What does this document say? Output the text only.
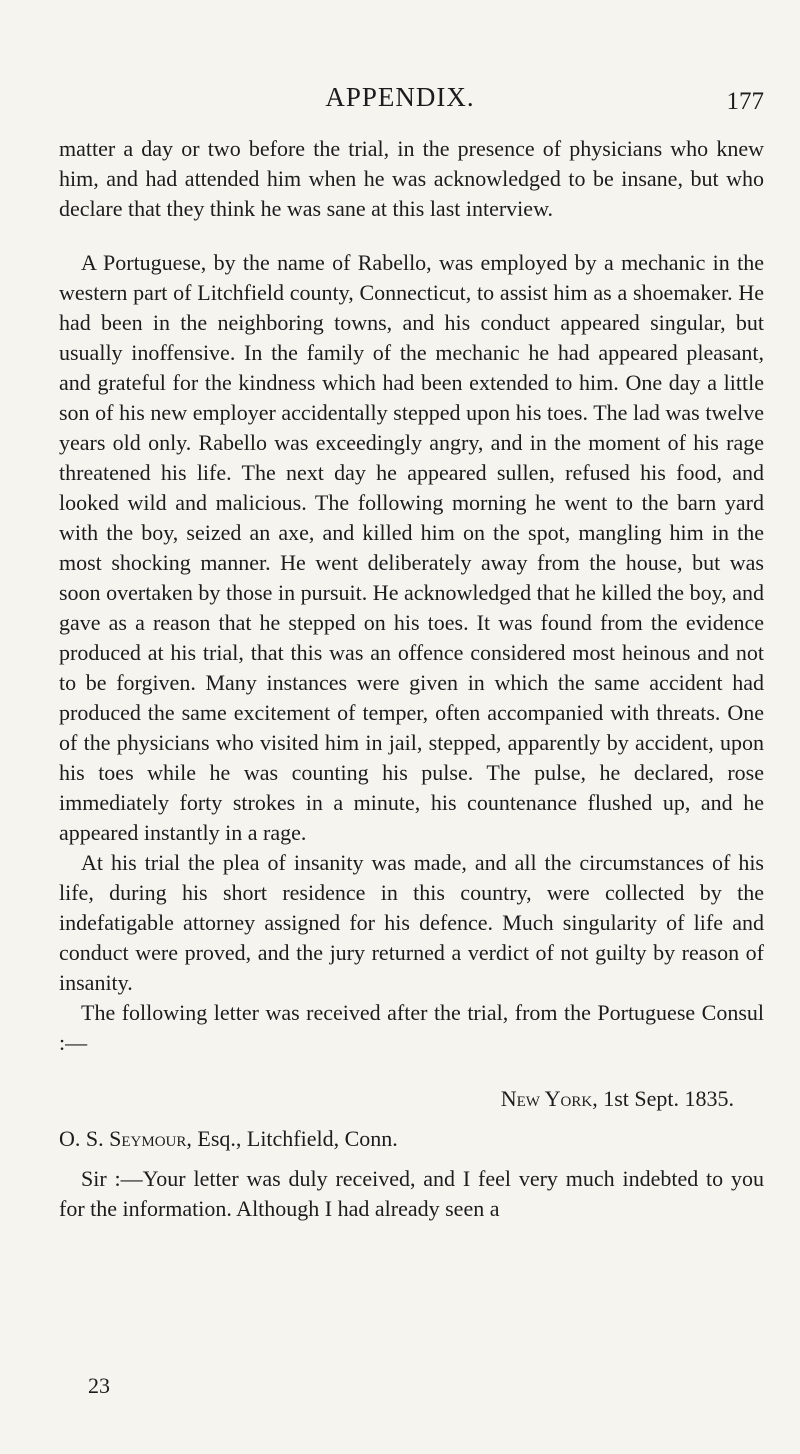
APPENDIX.	177

matter a day or two before the trial, in the presence of physicians who knew him, and had attended him when he was acknowledged to be insane, but who declare that they think he was sane at this last interview.

A Portuguese, by the name of Rabello, was employed by a mechanic in the western part of Litchfield county, Connecticut, to assist him as a shoemaker. He had been in the neighboring towns, and his conduct appeared singular, but usually inoffensive. In the family of the mechanic he had appeared pleasant, and grateful for the kindness which had been extended to him. One day a little son of his new employer accidentally stepped upon his toes. The lad was twelve years old only. Rabello was exceedingly angry, and in the moment of his rage threatened his life. The next day he appeared sullen, refused his food, and looked wild and malicious. The following morning he went to the barn yard with the boy, seized an axe, and killed him on the spot, mangling him in the most shocking manner. He went deliberately away from the house, but was soon overtaken by those in pursuit. He acknowledged that he killed the boy, and gave as a reason that he stepped on his toes. It was found from the evidence produced at his trial, that this was an offence considered most heinous and not to be forgiven. Many instances were given in which the same accident had produced the same excitement of temper, often accompanied with threats. One of the physicians who visited him in jail, stepped, apparently by accident, upon his toes while he was counting his pulse. The pulse, he declared, rose immediately forty strokes in a minute, his countenance flushed up, and he appeared instantly in a rage.

At his trial the plea of insanity was made, and all the circumstances of his life, during his short residence in this country, were collected by the indefatigable attorney assigned for his defence. Much singularity of life and conduct were proved, and the jury returned a verdict of not guilty by reason of insanity.

The following letter was received after the trial, from the Portuguese Consul :—

New York, 1st Sept. 1835.

O. S. Seymour, Esq., Litchfield, Conn.

Sir :—Your letter was duly received, and I feel very much indebted to you for the information. Although I had already seen a

23
